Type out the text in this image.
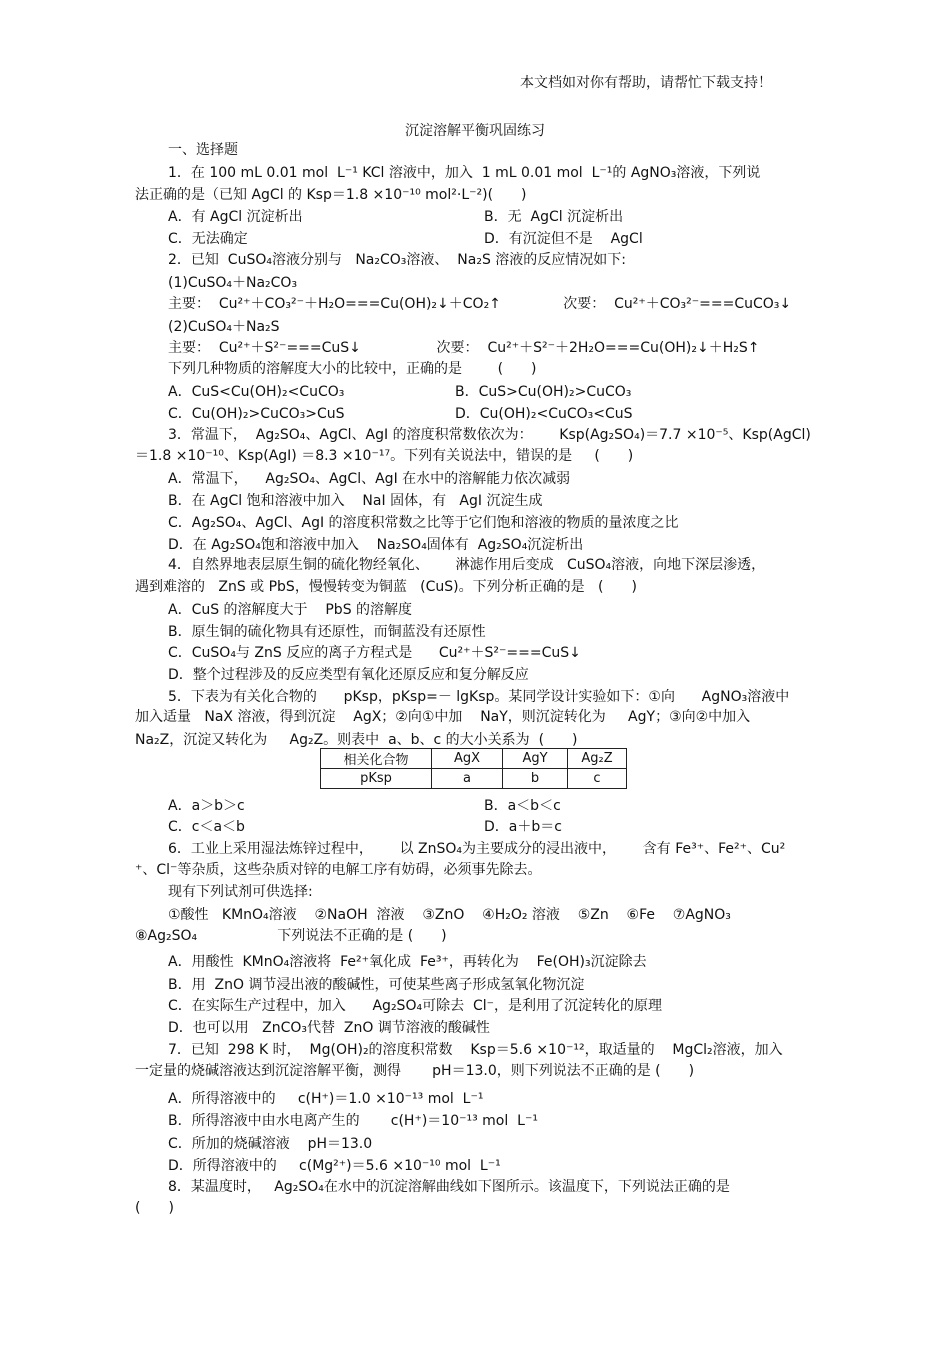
本文档如对你有帮助，请帮忙下载支持！
沉淀溶解平衡巩固练习
一、选择题
1．在 100 mL 0.01 mol  L⁻¹ KCl 溶液中，加入  1 mL 0.01 mol  L⁻¹的 AgNO₃溶液，下列说
法正确的是（已知 AgCl 的 Ksp＝1.8 ×10⁻¹⁰ mol²·L⁻²)(　　)
A．有 AgCl 沉淀析出	B．无  AgCl 沉淀析出
C．无法确定	D．有沉淀但不是    AgCl
2．已知  CuSO₄溶液分别与   Na₂CO₃溶液、  Na₂S 溶液的反应情况如下:
(1)CuSO₄＋Na₂CO₃
主要：  Cu²⁺＋CO₃²⁻＋H₂O===Cu(OH)₂↓＋CO₂↑              次要：  Cu²⁺＋CO₃²⁻===CuCO₃↓
(2)CuSO₄＋Na₂S
主要：  Cu²⁺＋S²⁻===CuS↓                 次要：  Cu²⁺＋S²⁻＋2H₂O===Cu(OH)₂↓＋H₂S↑
下列几种物质的溶解度大小的比较中，正确的是        (　　)
A．CuS<Cu(OH)₂<CuCO₃	B．CuS>Cu(OH)₂>CuCO₃
C．Cu(OH)₂>CuCO₃>CuS	D．Cu(OH)₂<CuCO₃<CuS
3．常温下，  Ag₂SO₄、AgCl、AgI 的溶度积常数依次为：      Ksp(Ag₂SO₄)＝7.7 ×10⁻⁵、Ksp(AgCl)
＝1.8 ×10⁻¹⁰、Ksp(AgI) ＝8.3 ×10⁻¹⁷。下列有关说法中，错误的是     (　　)
A．常温下，    Ag₂SO₄、AgCl、AgI 在水中的溶解能力依次减弱
B．在 AgCl 饱和溶液中加入    NaI 固体，有   AgI 沉淀生成
C．Ag₂SO₄、AgCl、AgI 的溶度积常数之比等于它们饱和溶液的物质的量浓度之比
D．在 Ag₂SO₄饱和溶液中加入    Na₂SO₄固体有  Ag₂SO₄沉淀析出
4．自然界地表层原生铜的硫化物经氧化、      淋滤作用后变成   CuSO₄溶液，向地下深层渗透，
遇到难溶的   ZnS 或 PbS，慢慢转变为铜蓝   (CuS)。下列分析正确的是   (　　)
A．CuS 的溶解度大于    PbS 的溶解度
B．原生铜的硫化物具有还原性，而铜蓝没有还原性
C．CuSO₄与 ZnS 反应的离子方程式是      Cu²⁺＋S²⁻===CuS↓
D．整个过程涉及的反应类型有氧化还原反应和复分解反应
5．下表为有关化合物的      pKsp，pKsp=－ lgKsp。某同学设计实验如下：①向      AgNO₃溶液中
加入适量   NaX 溶液，得到沉淀    AgX；②向①中加    NaY，则沉淀转化为     AgY；③向②中加入
Na₂Z，沉淀又转化为     Ag₂Z。则表中  a、b、c 的大小关系为  (　　)
相关化合物	AgX	AgY	Ag₂Z
pKsp	a	b	c
A．a＞b＞c	B．a＜b＜c
C．c＜a＜b	D．a＋b＝c
6．工业上采用湿法炼锌过程中，      以 ZnSO₄为主要成分的浸出液中，      含有 Fe³⁺、Fe²⁺、Cu²
⁺、Cl⁻等杂质，这些杂质对锌的电解工序有妨碍，必须事先除去。
现有下列试剂可供选择:
①酸性   KMnO₄溶液    ②NaOH  溶液    ③ZnO    ④H₂O₂ 溶液    ⑤Zn    ⑥Fe    ⑦AgNO₃
⑧Ag₂SO₄                  下列说法不正确的是 (　　)
A．用酸性  KMnO₄溶液将  Fe²⁺氧化成  Fe³⁺，再转化为    Fe(OH)₃沉淀除去
B．用  ZnO 调节浸出液的酸碱性，可使某些离子形成氢氧化物沉淀
C．在实际生产过程中，加入      Ag₂SO₄可除去  Cl⁻，是利用了沉淀转化的原理
D．也可以用   ZnCO₃代替  ZnO 调节溶液的酸碱性
7．已知  298 K 时，  Mg(OH)₂的溶度积常数    Ksp＝5.6 ×10⁻¹²，取适量的    MgCl₂溶液，加入
一定量的烧碱溶液达到沉淀溶解平衡，测得       pH＝13.0，则下列说法不正确的是 (　　)
A．所得溶液中的     c(H⁺)＝1.0 ×10⁻¹³ mol  L⁻¹
B．所得溶液中由水电离产生的       c(H⁺)＝10⁻¹³ mol  L⁻¹
C．所加的烧碱溶液    pH＝13.0
D．所得溶液中的     c(Mg²⁺)＝5.6 ×10⁻¹⁰ mol  L⁻¹
8．某温度时，   Ag₂SO₄在水中的沉淀溶解曲线如下图所示。该温度下，下列说法正确的是
(　　)
